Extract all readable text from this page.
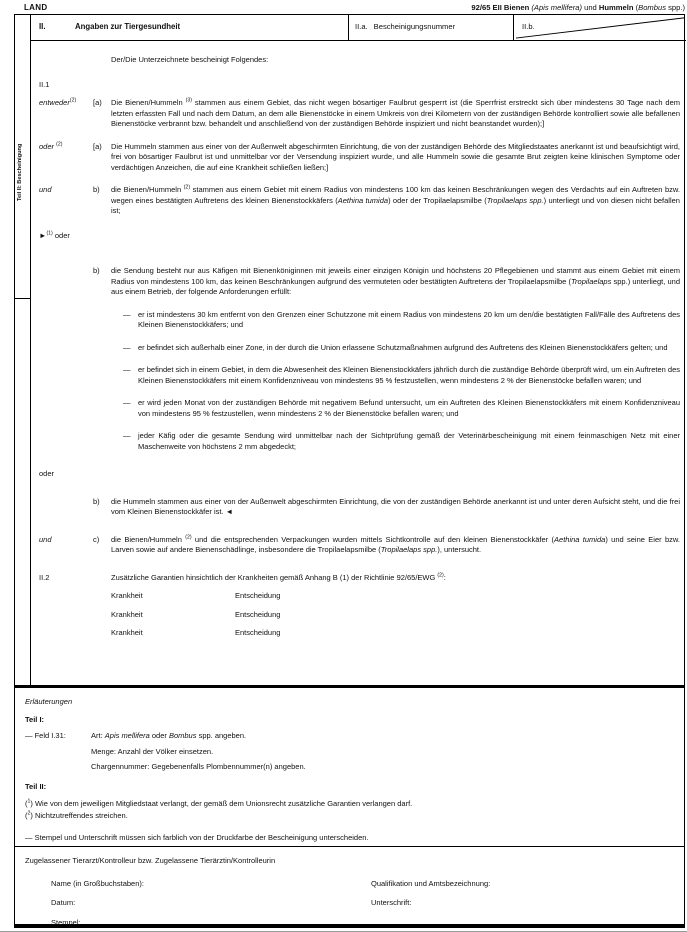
LAND	92/65 EII Bienen (Apis mellifera) und Hummeln (Bombus spp.)
Teil II: Bescheinigung
II.	Angaben zur Tiergesundheit	II.a. Bescheinigungsnummer	II.b.
Der/Die Unterzeichnete bescheinigt Folgendes:
II.1
entweder$^{(2)}$	[a)	Die Bienen/Hummeln $^{(3)}$ stammen aus einem Gebiet, das nicht wegen bösartiger Faulbrut gesperrt ist (die Sperrfrist erstreckt sich über mindestens 30 Tage nach dem letzten erfassten Fall und nach dem Datum, an dem alle Bienenstöcke in einem Umkreis von drei Kilometern von der zuständigen Behörde kontrolliert sowie alle befallenen Bienenstöcke verbrannt bzw. behandelt und anschließend von der zuständigen Behörde inspiziert und nicht beanstandet wurden);]
oder $^{(2)}$	[a)	Die Hummeln stammen aus einer von der Außenwelt abgeschirmten Einrichtung, die von der zuständigen Behörde des Mitgliedstaates anerkannt ist und beaufsichtigt wird, frei von bösartiger Faulbrut ist und unmittelbar vor der Versendung inspiziert wurde, und alle Hummeln sowie die gesamte Brut zeigten keine klinischen Symptome oder verdächtigen Anzeichen, die auf eine Krankheit schließen ließen;]
und	b)	die Bienen/Hummeln $^{(2)}$ stammen aus einem Gebiet mit einem Radius von mindestens 100 km das keinen Beschränkungen wegen des Verdachts auf ein Auftreten bzw. wegen eines bestätigten Auftretens des kleinen Bienenstockkäfers (Aethina tumida) oder der Tropilaelapsmilbe (Tropilaelaps spp.) unterliegt und von diesen nicht befallen ist;
►$^{(1)}$ oder
b)	die Sendung besteht nur aus Käfigen mit Bienenköniginnen mit jeweils einer einzigen Königin und höchstens 20 Pflegebienen und stammt aus einem Gebiet mit einem Radius von mindestens 100 km, das keinen Beschränkungen aufgrund des vermuteten oder bestätigten Auftretens der Tropilaelapsmilbe (Tropilaelaps spp.) unterliegt, und aus einem Betrieb, der folgende Anforderungen erfüllt:
—	er ist mindestens 30 km entfernt von den Grenzen einer Schutzzone mit einem Radius von mindestens 20 km um den/die bestätigten Fall/Fälle des Auftretens des Kleinen Bienenstockkäfers; und
—	er befindet sich außerhalb einer Zone, in der durch die Union erlassene Schutzmaßnahmen aufgrund des Auftretens des Kleinen Bienenstockkäfers gelten; und
—	er befindet sich in einem Gebiet, in dem die Abwesenheit des Kleinen Bienenstockkäfers jährlich durch die zuständige Behörde überprüft wird, um ein Auftreten des Kleinen Bienenstockkäfers mit einem Konfidenzniveau von mindestens 95 % festzustellen, wenn mindestens 2 % der Bienenstöcke befallen waren; und
—	er wird jeden Monat von der zuständigen Behörde mit negativem Befund untersucht, um ein Auftreten des Kleinen Bienenstockkäfers mit einem Konfidenzniveau von mindestens 95 % festzustellen, wenn mindestens 2 % der Bienenstöcke befallen waren; und
—	jeder Käfig oder die gesamte Sendung wird unmittelbar nach der Sichtprüfung gemäß der Veterinärbescheinigung mit einem feinmaschigen Netz mit einer Maschenweite von höchstens 2 mm abgedeckt;
oder
b)	die Hummeln stammen aus einer von der Außenwelt abgeschirmten Einrichtung, die von der zuständigen Behörde anerkannt ist und unter deren Aufsicht steht, und die frei vom Kleinen Bienenstockkäfer ist. ◄
und	c)	die Bienen/Hummeln $^{(2)}$ und die entsprechenden Verpackungen wurden mittels Sichtkontrolle auf den kleinen Bienenstockkäfer (Aethina tumida) und seine Eier bzw. Larven sowie auf andere Bienenschädlinge, insbesondere die Tropilaelapsmilbe (Tropilaelaps spp.), untersucht.
II.2	Zusätzliche Garantien hinsichtlich der Krankheiten gemäß Anhang B (1) der Richtlinie 92/65/EWG $^{(2)}$:
Krankheit	Entscheidung
Krankheit	Entscheidung
Krankheit	Entscheidung
Erläuterungen
Teil I:
— Feld I.31:	Art: Apis mellifera oder Bombus spp. angeben.
Menge: Anzahl der Völker einsetzen.
Chargennummer: Gegebenenfalls Plombennummer(n) angeben.
Teil II:
($^1$) Wie von dem jeweiligen Mitgliedstaat verlangt, der gemäß dem Unionsrecht zusätzliche Garantien verlangen darf.
($^2$) Nichtzutreffendes streichen.
— Stempel und Unterschrift müssen sich farblich von der Druckfarbe der Bescheinigung unterscheiden.
Zugelassener Tierarzt/Kontrolleur bzw. Zugelassene Tierärztin/Kontrolleurin
Name (in Großbuchstaben):	Qualifikation und Amtsbezeichnung:
Datum:	Unterschrift:
Stempel:
